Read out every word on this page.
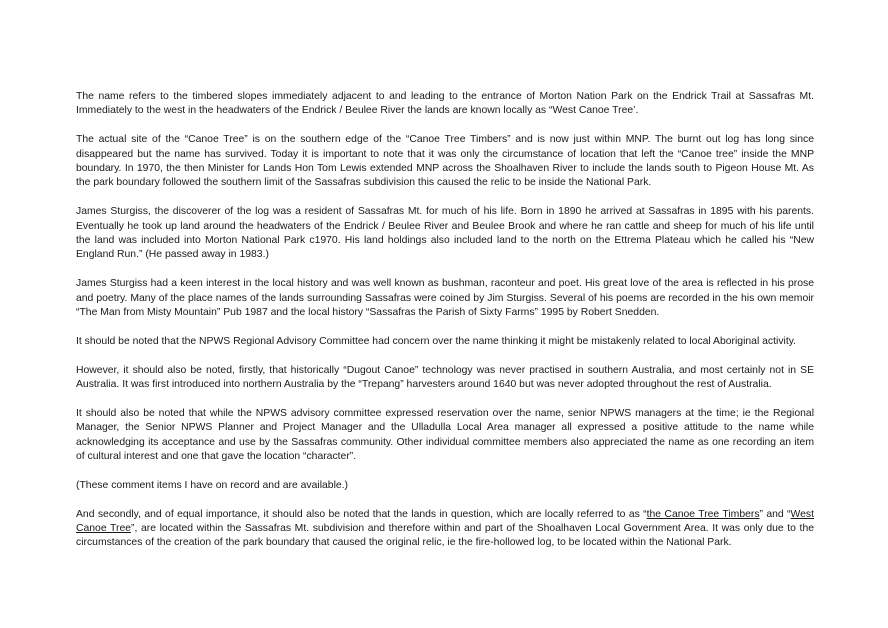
The name refers to the timbered slopes immediately adjacent to and leading to the entrance of Morton Nation Park on the Endrick Trail at Sassafras Mt. Immediately to the west in the headwaters of the Endrick / Beulee River the lands are known locally as “West Canoe Tree’.

The actual site of the “Canoe Tree” is on the southern edge of the “Canoe Tree Timbers” and is now just within MNP. The burnt out log has long since disappeared but the name has survived. Today it is important to note that it was only the circumstance of location that left the “Canoe tree” inside the MNP boundary. In 1970, the then Minister for Lands Hon Tom Lewis extended MNP across the Shoalhaven River to include the lands south to Pigeon House Mt. As the park boundary followed the southern limit of the Sassafras subdivision this caused the relic to be inside the National Park.

James Sturgiss, the discoverer of the log was a resident of Sassafras Mt. for much of his life. Born in 1890 he arrived at Sassafras in 1895 with his parents. Eventually he took up land around the headwaters of the Endrick / Beulee River and Beulee Brook and where he ran cattle and sheep for much of his life until the land was included into Morton National Park c1970. His land holdings also included land to the north on the Ettrema Plateau which he called his “New England Run.” (He passed away in 1983.)

James Sturgiss had a keen interest in the local history and was well known as bushman, raconteur and poet. His great love of the area is reflected in his prose and poetry. Many of the place names of the lands surrounding Sassafras were coined by Jim Sturgiss. Several of his poems are recorded in the his own memoir “The Man from Misty Mountain” Pub 1987 and the local history “Sassafras the Parish of Sixty Farms” 1995 by Robert Snedden.

It should be noted that the NPWS Regional Advisory Committee had concern over the name thinking it might be mistakenly related to local Aboriginal activity.

However, it should also be noted, firstly, that historically “Dugout Canoe” technology was never practised in southern Australia, and most certainly not in SE Australia. It was first introduced into northern Australia by the “Trepang” harvesters around 1640 but was never adopted throughout the rest of Australia.

It should also be noted that while the NPWS advisory committee expressed reservation over the name, senior NPWS managers at the time; ie the Regional Manager, the Senior NPWS Planner and Project Manager and the Ulladulla Local Area manager all expressed a positive attitude to the name while acknowledging its acceptance and use by the Sassafras community. Other individual committee members also appreciated the name as one recording an item of cultural interest and one that gave the location “character”.

(These comment items I have on record and are available.)

And secondly, and of equal importance, it should also be noted that the lands in question, which are locally referred to as “the Canoe Tree Timbers” and “West Canoe Tree”, are located within the Sassafras Mt. subdivision and therefore within and part of the Shoalhaven Local Government Area. It was only due to the circumstances of the creation of the park boundary that caused the original relic, ie the fire-hollowed log, to be located within the National Park.
